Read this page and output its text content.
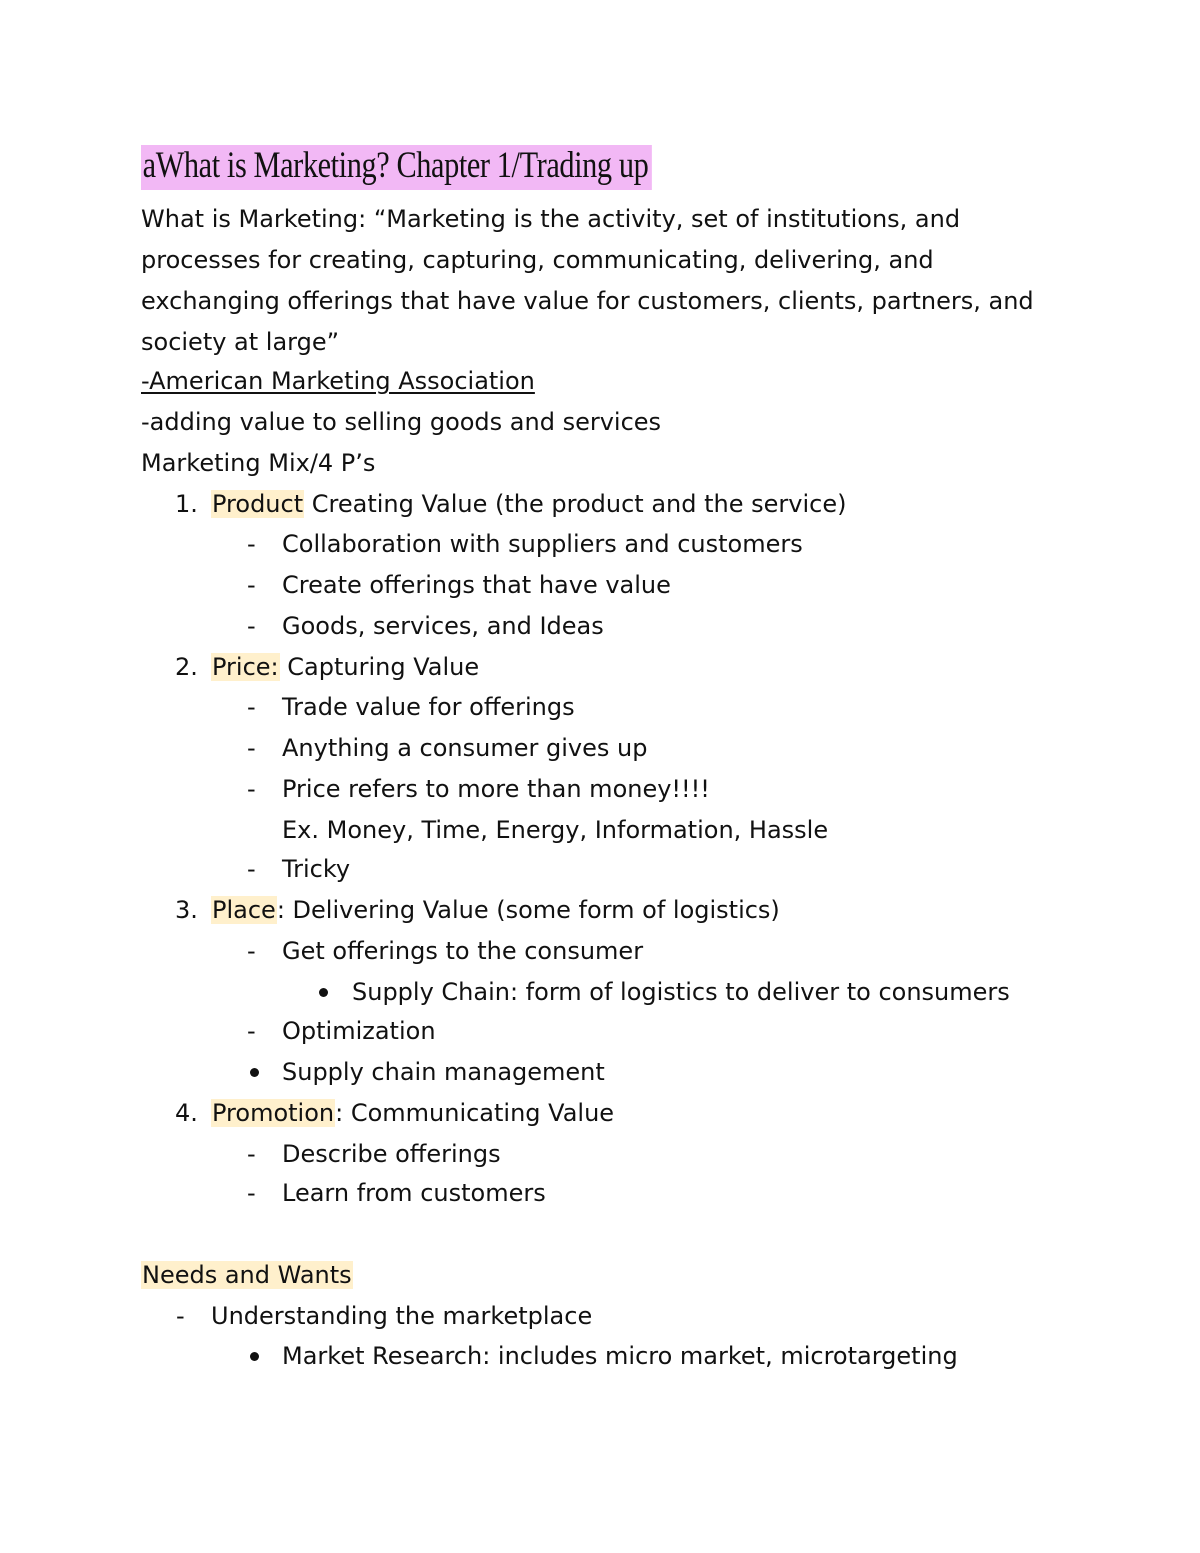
aWhat is Marketing? Chapter 1/Trading up
What is Marketing: “Marketing is the activity, set of institutions, and
processes for creating, capturing, communicating, delivering, and
exchanging offerings that have value for customers, clients, partners, and
society at large”
-American Marketing Association
-adding value to selling goods and services
Marketing Mix/4 P’s
1. Product Creating Value (the product and the service)
- Collaboration with suppliers and customers
- Create offerings that have value
- Goods, services, and Ideas
2. Price: Capturing Value
- Trade value for offerings
- Anything a consumer gives up
- Price refers to more than money!!!!
Ex. Money, Time, Energy, Information, Hassle
- Tricky
3. Place: Delivering Value (some form of logistics)
- Get offerings to the consumer
Supply Chain: form of logistics to deliver to consumers
- Optimization
Supply chain management
4. Promotion: Communicating Value
- Describe offerings
- Learn from customers
Needs and Wants
- Understanding the marketplace
Market Research: includes micro market, microtargeting
